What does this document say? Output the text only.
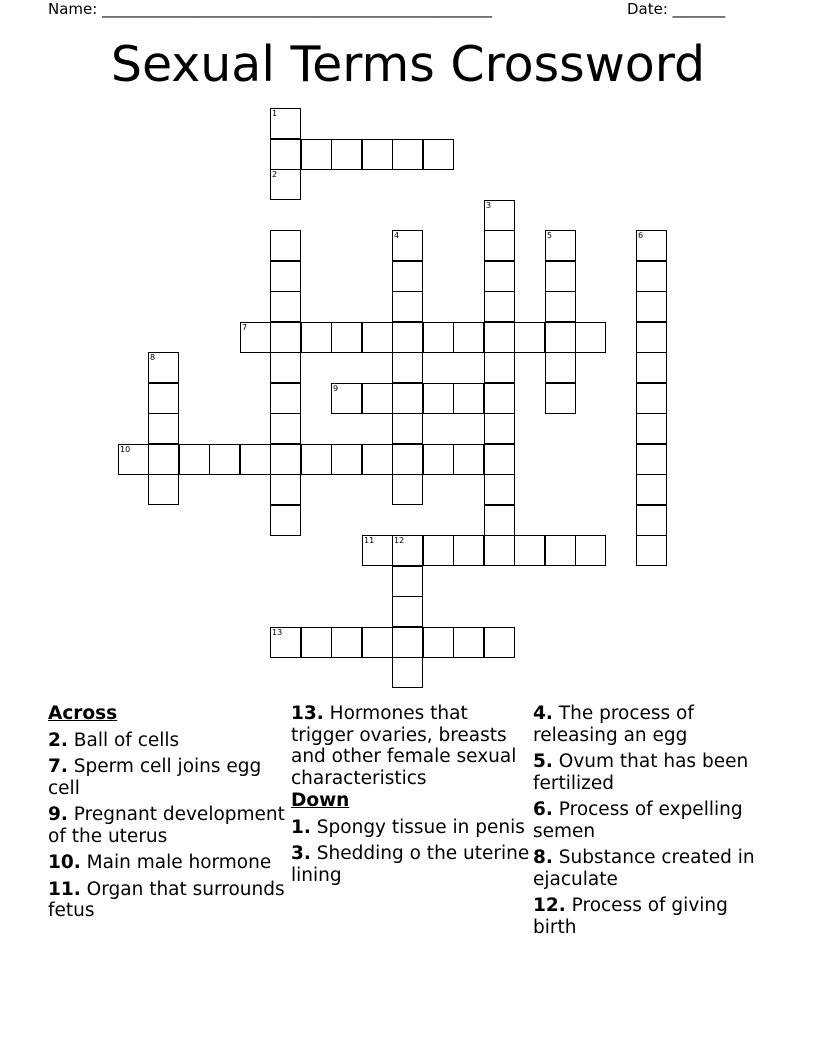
Name: ____________________________________________________	Date: _______
Sexual Terms Crossword
1
2
3
4	5	6
7
8
9
10
11 12
13
Across
2. Ball of cells
7. Sperm cell joins egg cell
9. Pregnant development of the uterus
10. Main male hormone
11. Organ that surrounds fetus
13. Hormones that trigger ovaries, breasts and other female sexual characteristics
Down
1. Spongy tissue in penis
3. Shedding o the uterine lining
4. The process of releasing an egg
5. Ovum that has been fertilized
6. Process of expelling semen
8. Substance created in ejaculate
12. Process of giving birth
